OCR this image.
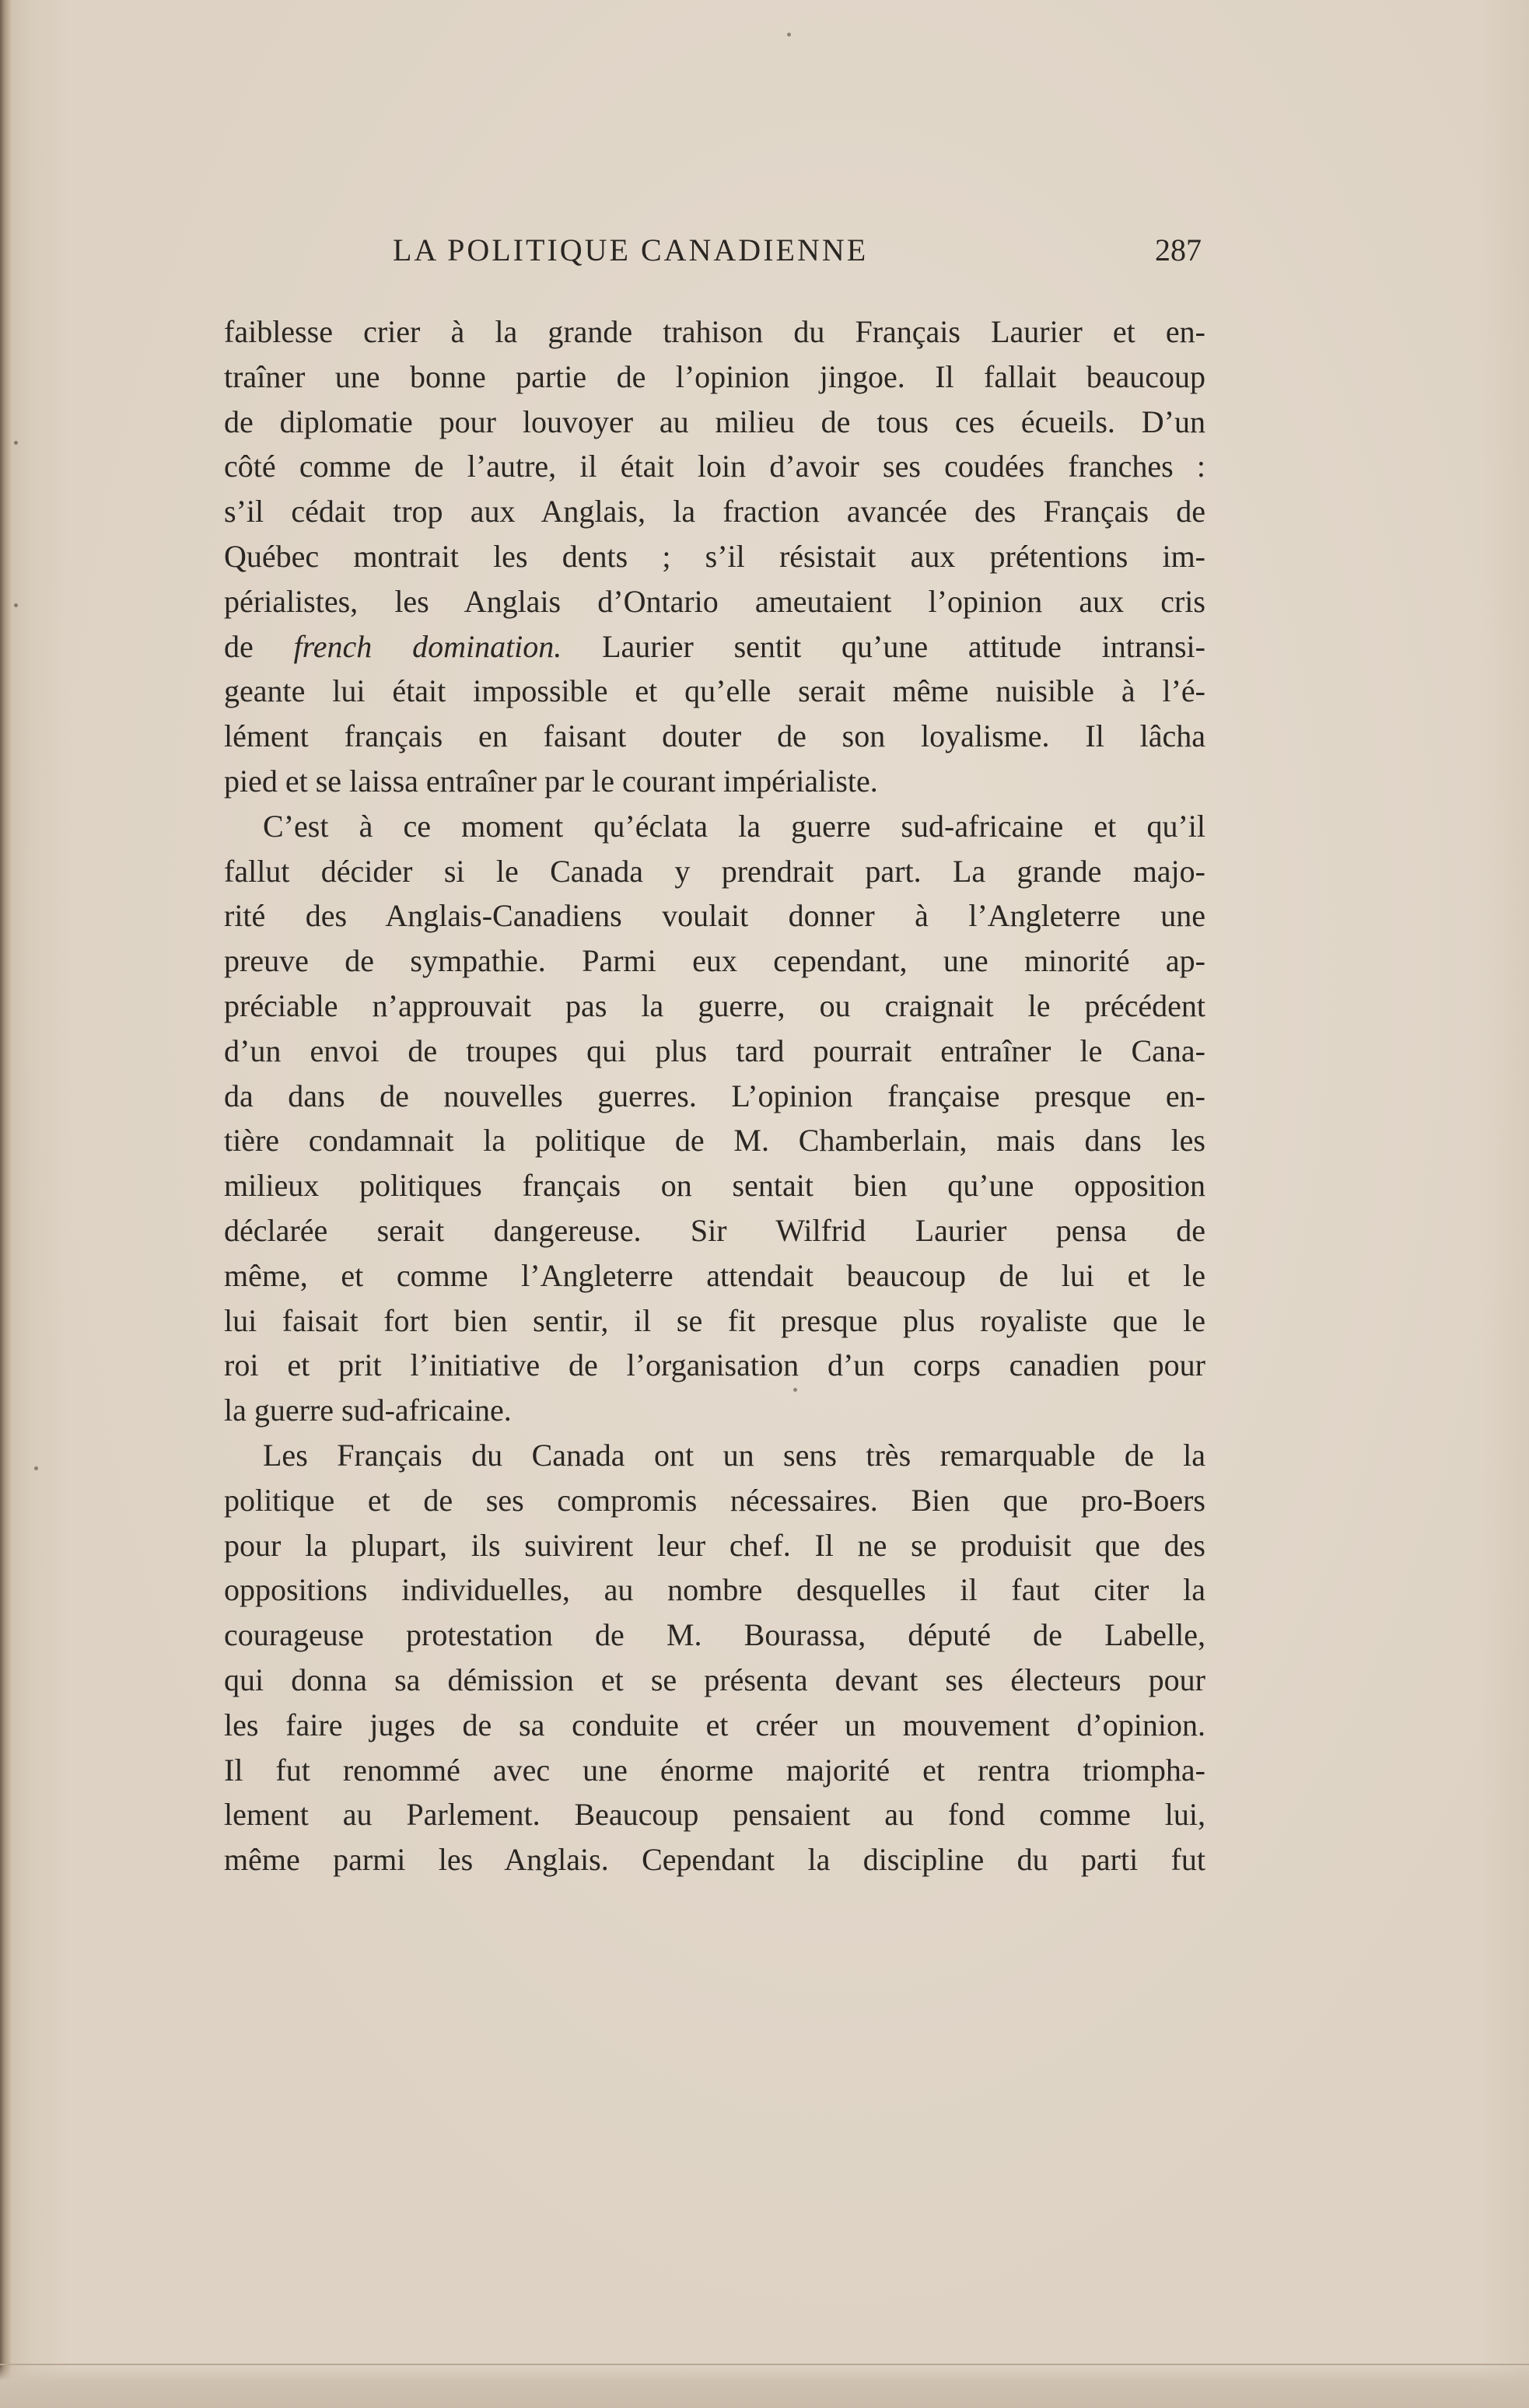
LA POLITIQUE CANADIENNE	287

faiblesse crier à la grande trahison du Français Laurier et en-
traîner une bonne partie de l’opinion jingoe. Il fallait beaucoup
de diplomatie pour louvoyer au milieu de tous ces écueils. D’un
côté comme de l’autre, il était loin d’avoir ses coudées franches :
s’il cédait trop aux Anglais, la fraction avancée des Français de
Québec montrait les dents ; s’il résistait aux prétentions im-
périalistes, les Anglais d’Ontario ameutaient l’opinion aux cris
de french domination. Laurier sentit qu’une attitude intransi-
geante lui était impossible et qu’elle serait même nuisible à l’é-
lément français en faisant douter de son loyalisme. Il lâcha
pied et se laissa entraîner par le courant impérialiste.

C’est à ce moment qu’éclata la guerre sud-africaine et qu’il
fallut décider si le Canada y prendrait part. La grande majo-
rité des Anglais-Canadiens voulait donner à l’Angleterre une
preuve de sympathie. Parmi eux cependant, une minorité ap-
préciable n’approuvait pas la guerre, ou craignait le précédent
d’un envoi de troupes qui plus tard pourrait entraîner le Cana-
da dans de nouvelles guerres. L’opinion française presque en-
tière condamnait la politique de M. Chamberlain, mais dans les
milieux politiques français on sentait bien qu’une opposition
déclarée serait dangereuse. Sir Wilfrid Laurier pensa de
même, et comme l’Angleterre attendait beaucoup de lui et le
lui faisait fort bien sentir, il se fit presque plus royaliste que le
roi et prit l’initiative de l’organisation d’un corps canadien pour
la guerre sud-africaine.

Les Français du Canada ont un sens très remarquable de la
politique et de ses compromis nécessaires. Bien que pro-Boers
pour la plupart, ils suivirent leur chef. Il ne se produisit que des
oppositions individuelles, au nombre desquelles il faut citer la
courageuse protestation de M. Bourassa, député de Labelle,
qui donna sa démission et se présenta devant ses électeurs pour
les faire juges de sa conduite et créer un mouvement d’opinion.
Il fut renommé avec une énorme majorité et rentra triompha-
lement au Parlement. Beaucoup pensaient au fond comme lui,
même parmi les Anglais. Cependant la discipline du parti fut
